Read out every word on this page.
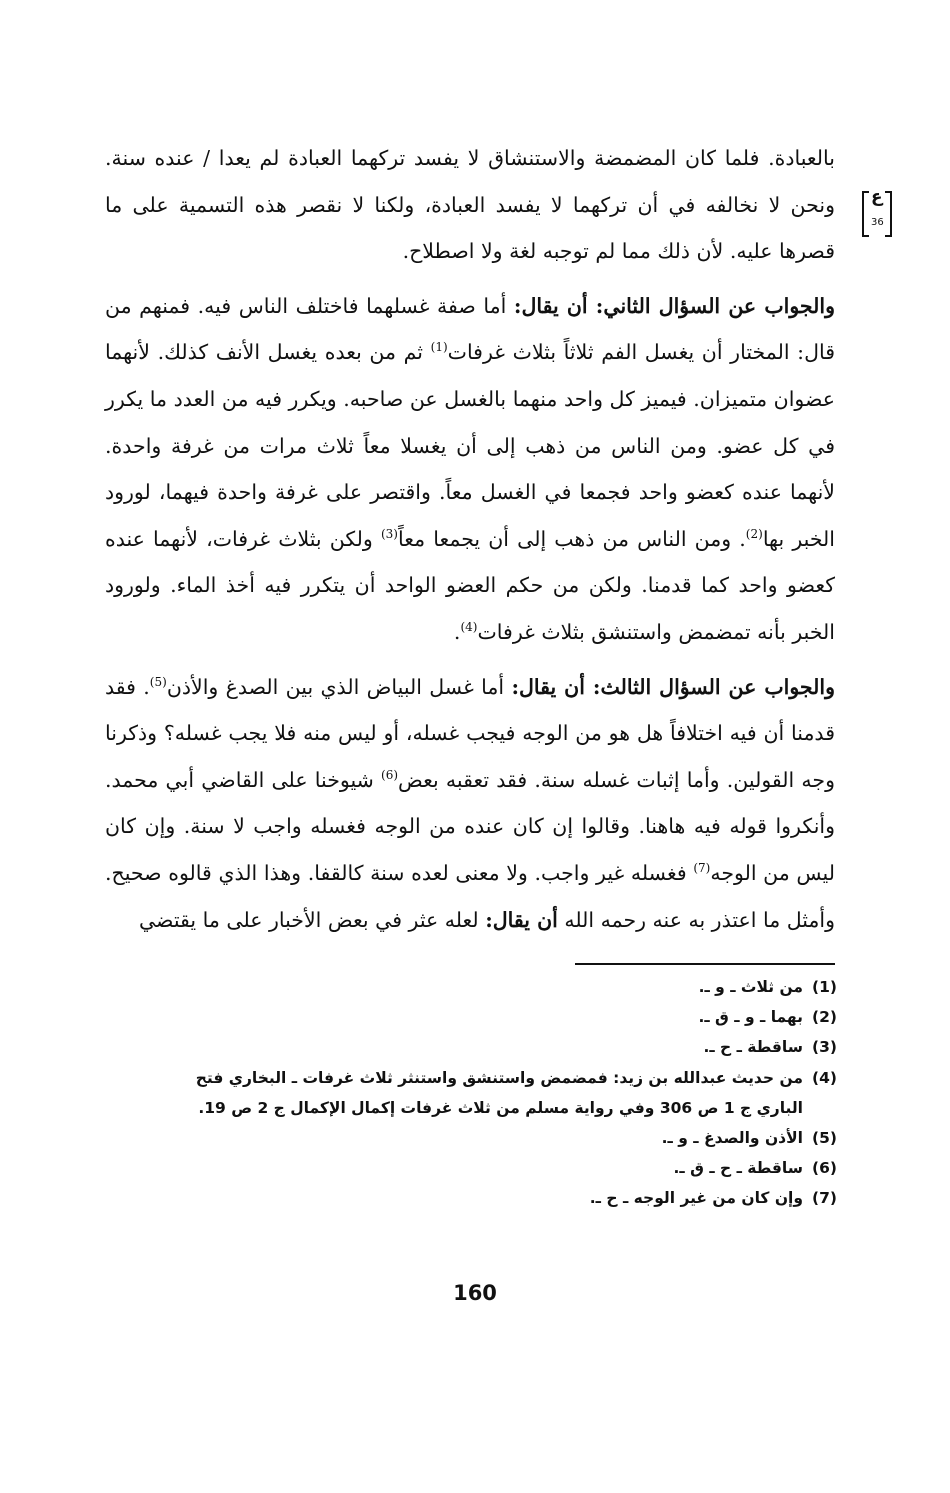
ع
36

بالعبادة. فلما كان المضمضة والاستنشاق لا يفسد تركهما العبادة لم يعدا / عنده سنة. ونحن لا نخالفه في أن تركهما لا يفسد العبادة، ولكنا لا نقصر هذه التسمية على ما قصرها عليه. لأن ذلك مما لم توجبه لغة ولا اصطلاح.

والجواب عن السؤال الثاني: أن يقال: أما صفة غسلهما فاختلف الناس فيه. فمنهم من قال: المختار أن يغسل الفم ثلاثاً بثلاث غرفات$^{(1)}$ ثم من بعده يغسل الأنف كذلك. لأنهما عضوان متميزان. فيميز كل واحد منهما بالغسل عن صاحبه. ويكرر فيه من العدد ما يكرر في كل عضو. ومن الناس من ذهب إلى أن يغسلا معاً ثلاث مرات من غرفة واحدة. لأنهما عنده كعضو واحد فجمعا في الغسل معاً. واقتصر على غرفة واحدة فيهما، لورود الخبر بها$^{(2)}$. ومن الناس من ذهب إلى أن يجمعا معاً$^{(3)}$ ولكن بثلاث غرفات، لأنهما عنده كعضو واحد كما قدمنا. ولكن من حكم العضو الواحد أن يتكرر فيه أخذ الماء. ولورود الخبر بأنه تمضمض واستنشق بثلاث غرفات$^{(4)}$.

والجواب عن السؤال الثالث: أن يقال: أما غسل البياض الذي بين الصدغ والأذن$^{(5)}$. فقد قدمنا أن فيه اختلافاً هل هو من الوجه فيجب غسله، أو ليس منه فلا يجب غسله؟ وذكرنا وجه القولين. وأما إثبات غسله سنة. فقد تعقبه بعض$^{(6)}$ شيوخنا على القاضي أبي محمد. وأنكروا قوله فيه هاهنا. وقالوا إن كان عنده من الوجه فغسله واجب لا سنة. وإن كان ليس من الوجه$^{(7)}$ فغسله غير واجب. ولا معنى لعده سنة كالقفا. وهذا الذي قالوه صحيح. وأمثل ما اعتذر به عنه رحمه الله أن يقال: لعله عثر في بعض الأخبار على ما يقتضي

(1)
من ثلاث ـ و ـ.
(2)
بهما ـ و ـ ق ـ.
(3)
ساقطة ـ ح ـ.
(4)
من حديث عبدالله بن زيد: فمضمض واستنشق واستنثر ثلاث غرفات ـ البخاري فتح
الباري ج 1 ص 306 وفي رواية مسلم من ثلاث غرفات إكمال الإكمال ج 2 ص 19.
(5)
الأذن والصدغ ـ و ـ.
(6)
ساقطة ـ ح ـ ق ـ.
(7)
وإن كان من غير الوجه ـ ح ـ.
160
